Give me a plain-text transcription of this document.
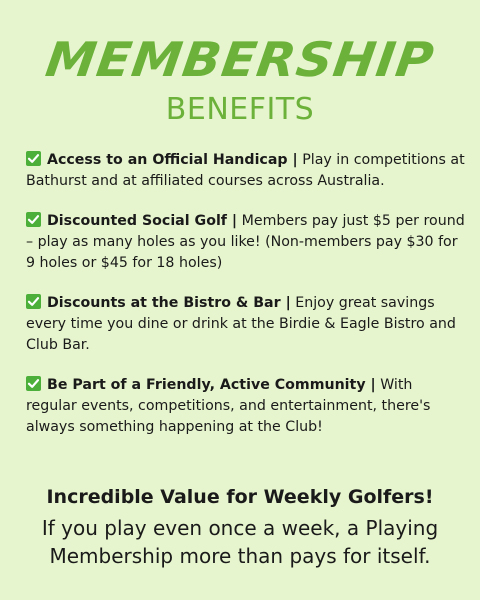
MEMBERSHIP
BENEFITS
Access to an Official Handicap | Play in competitions at Bathurst and at affiliated courses across Australia.
Discounted Social Golf | Members pay just $5 per round – play as many holes as you like! (Non-members pay $30 for 9 holes or $45 for 18 holes)
Discounts at the Bistro & Bar | Enjoy great savings every time you dine or drink at the Birdie & Eagle Bistro and Club Bar.
Be Part of a Friendly, Active Community | With regular events, competitions, and entertainment, there's always something happening at the Club!
Incredible Value for Weekly Golfers!
If you play even once a week, a Playing Membership more than pays for itself.
